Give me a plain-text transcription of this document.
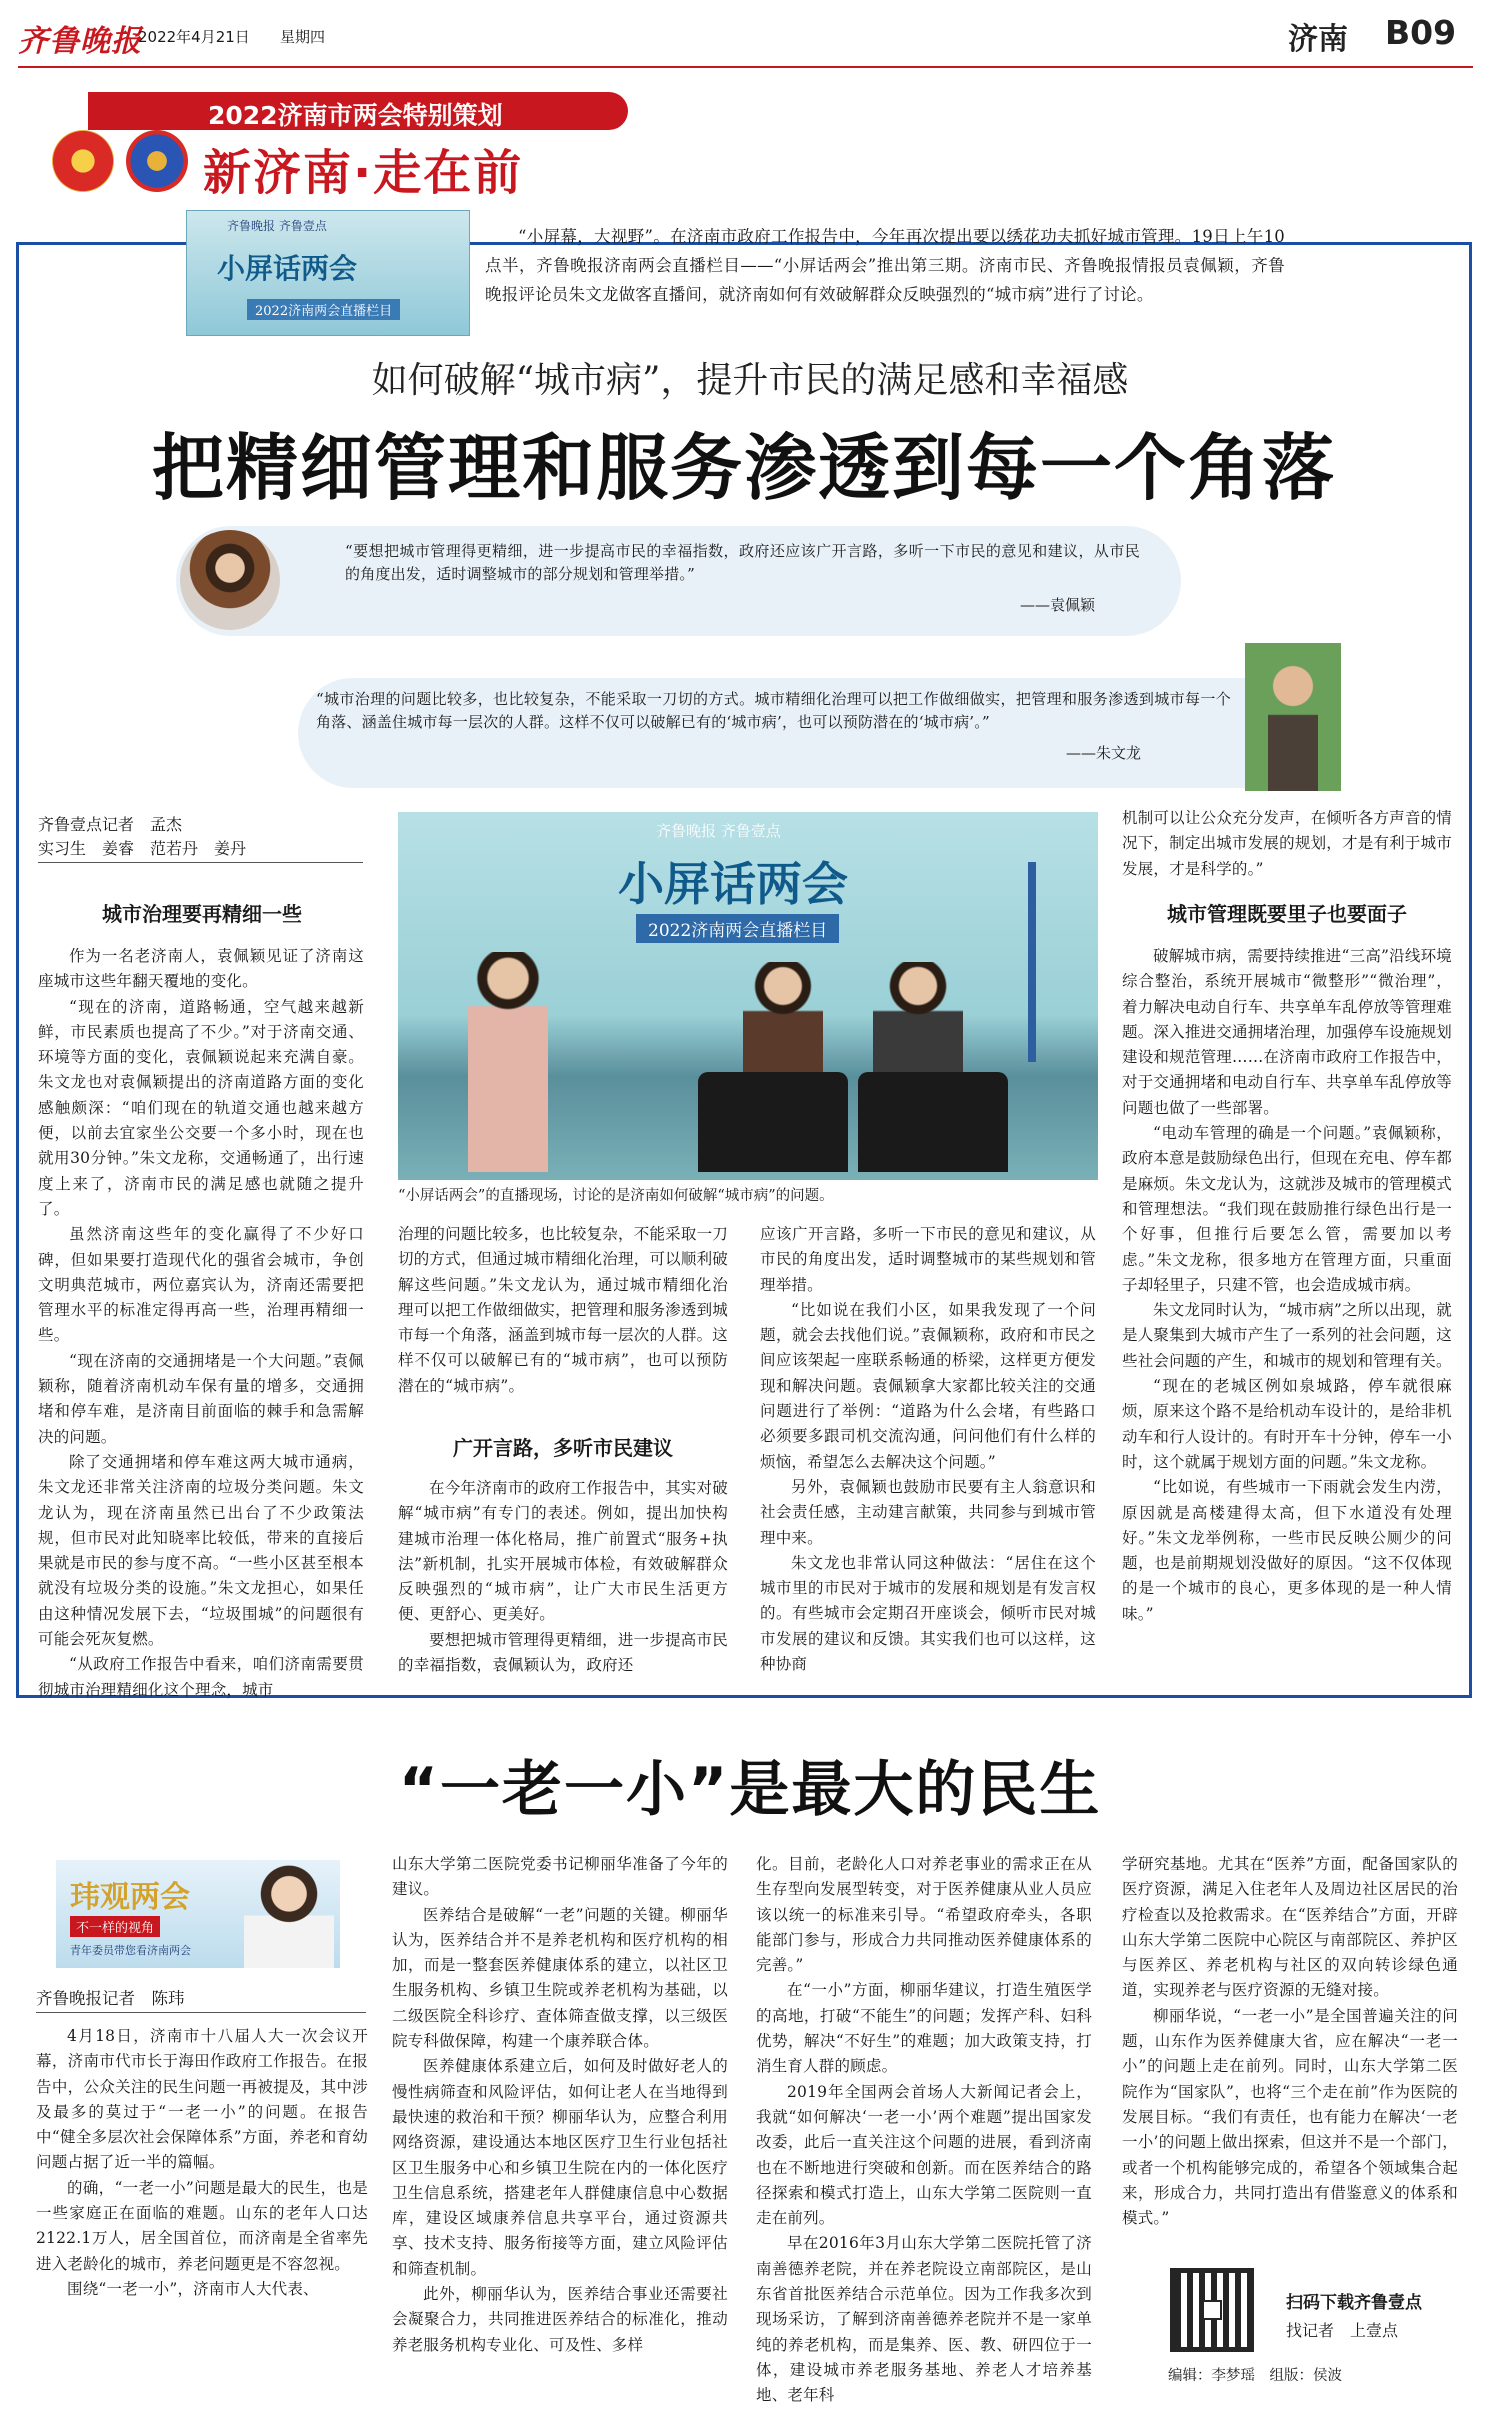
齐鲁晚报
2022年4月21日 星期四	济南 B09
2022济南市两会特别策划
新济南·走在前
齐鲁晚报 齐鲁壹点
小屏话两会
2022济南两会直播栏目
“小屏幕，大视野”。在济南市政府工作报告中，今年再次提出要以绣花功夫抓好城市管理。19日上午10点半，齐鲁晚报济南两会直播栏目——“小屏话两会”推出第三期。济南市民、齐鲁晚报情报员袁佩颖，齐鲁晚报评论员朱文龙做客直播间，就济南如何有效破解群众反映强烈的“城市病”进行了讨论。
如何破解“城市病”，提升市民的满足感和幸福感
把精细管理和服务渗透到每一个角落
“要想把城市管理得更精细，进一步提高市民的幸福指数，政府还应该广开言路，多听一下市民的意见和建议，从市民的角度出发，适时调整城市的部分规划和管理举措。”
——袁佩颖
“城市治理的问题比较多，也比较复杂，不能采取一刀切的方式。城市精细化治理可以把工作做细做实，把管理和服务渗透到城市每一个角落、涵盖住城市每一层次的人群。这样不仅可以破解已有的‘城市病’，也可以预防潜在的‘城市病’。”
——朱文龙
齐鲁壹点记者　孟杰
实习生　姜睿　范若丹　姜丹
齐鲁晚报 齐鲁壹点
小屏话两会
2022济南两会直播栏目
“小屏话两会”的直播现场，讨论的是济南如何破解“城市病”的问题。
城市治理要再精细一些

作为一名老济南人，袁佩颖见证了济南这座城市这些年翻天覆地的变化。

“现在的济南，道路畅通，空气越来越新鲜，市民素质也提高了不少。”对于济南交通、环境等方面的变化，袁佩颖说起来充满自豪。朱文龙也对袁佩颖提出的济南道路方面的变化感触颇深：“咱们现在的轨道交通也越来越方便，以前去宜家坐公交要一个多小时，现在也就用30分钟。”朱文龙称，交通畅通了，出行速度上来了，济南市民的满足感也就随之提升了。

虽然济南这些年的变化赢得了不少好口碑，但如果要打造现代化的强省会城市，争创文明典范城市，两位嘉宾认为，济南还需要把管理水平的标准定得再高一些，治理再精细一些。

“现在济南的交通拥堵是一个大问题。”袁佩颖称，随着济南机动车保有量的增多，交通拥堵和停车难，是济南目前面临的棘手和急需解决的问题。

除了交通拥堵和停车难这两大城市通病，朱文龙还非常关注济南的垃圾分类问题。朱文龙认为，现在济南虽然已出台了不少政策法规，但市民对此知晓率比较低，带来的直接后果就是市民的参与度不高。“一些小区甚至根本就没有垃圾分类的设施。”朱文龙担心，如果任由这种情况发展下去，“垃圾围城”的问题很有可能会死灰复燃。

“从政府工作报告中看来，咱们济南需要贯彻城市治理精细化这个理念，城市

治理的问题比较多，也比较复杂，不能采取一刀切的方式，但通过城市精细化治理，可以顺利破解这些问题。”朱文龙认为，通过城市精细化治理可以把工作做细做实，把管理和服务渗透到城市每一个角落，涵盖到城市每一层次的人群。这样不仅可以破解已有的“城市病”，也可以预防潜在的“城市病”。

广开言路，多听市民建议

在今年济南市的政府工作报告中，其实对破解“城市病”有专门的表述。例如，提出加快构建城市治理一体化格局，推广前置式“服务+执法”新机制，扎实开展城市体检，有效破解群众反映强烈的“城市病”，让广大市民生活更方便、更舒心、更美好。

要想把城市管理得更精细，进一步提高市民的幸福指数，袁佩颖认为，政府还

应该广开言路，多听一下市民的意见和建议，从市民的角度出发，适时调整城市的某些规划和管理举措。

“比如说在我们小区，如果我发现了一个问题，就会去找他们说。”袁佩颖称，政府和市民之间应该架起一座联系畅通的桥梁，这样更方便发现和解决问题。袁佩颖拿大家都比较关注的交通问题进行了举例：“道路为什么会堵，有些路口必须要多跟司机交流沟通，问问他们有什么样的烦恼，希望怎么去解决这个问题。”

另外，袁佩颖也鼓励市民要有主人翁意识和社会责任感，主动建言献策，共同参与到城市管理中来。

朱文龙也非常认同这种做法：“居住在这个城市里的市民对于城市的发展和规划是有发言权的。有些城市会定期召开座谈会，倾听市民对城市发展的建议和反馈。其实我们也可以这样，这种协商

机制可以让公众充分发声，在倾听各方声音的情况下，制定出城市发展的规划，才是有利于城市发展，才是科学的。”

城市管理既要里子也要面子

破解城市病，需要持续推进“三高”沿线环境综合整治，系统开展城市“微整形”“微治理”，着力解决电动自行车、共享单车乱停放等管理难题。深入推进交通拥堵治理，加强停车设施规划建设和规范管理……在济南市政府工作报告中，对于交通拥堵和电动自行车、共享单车乱停放等问题也做了一些部署。

“电动车管理的确是一个问题。”袁佩颖称，政府本意是鼓励绿色出行，但现在充电、停车都是麻烦。朱文龙认为，这就涉及城市的管理模式和管理想法。“我们现在鼓励推行绿色出行是一个好事，但推行后要怎么管，需要加以考虑。”朱文龙称，很多地方在管理方面，只重面子却轻里子，只建不管，也会造成城市病。

朱文龙同时认为，“城市病”之所以出现，就是人聚集到大城市产生了一系列的社会问题，这些社会问题的产生，和城市的规划和管理有关。

“现在的老城区例如泉城路，停车就很麻烦，原来这个路不是给机动车设计的，是给非机动车和行人设计的。有时开车十分钟，停车一小时，这个就属于规划方面的问题。”朱文龙称。

“比如说，有些城市一下雨就会发生内涝，原因就是高楼建得太高，但下水道没有处理好。”朱文龙举例称，一些市民反映公厕少的问题，也是前期规划没做好的原因。“这不仅体现的是一个城市的良心，更多体现的是一种人情味。”

“一老一小”是最大的民生
玮观两会
不一样的视角
青年委员带您看济南两会
齐鲁晚报记者　陈玮

4月18日，济南市十八届人大一次会议开幕，济南市代市长于海田作政府工作报告。在报告中，公众关注的民生问题一再被提及，其中涉及最多的莫过于“一老一小”的问题。在报告中“健全多层次社会保障体系”方面，养老和育幼问题占据了近一半的篇幅。

的确，“一老一小”问题是最大的民生，也是一些家庭正在面临的难题。山东的老年人口达2122.1万人，居全国首位，而济南是全省率先进入老龄化的城市，养老问题更是不容忽视。

围绕“一老一小”，济南市人大代表、

山东大学第二医院党委书记柳丽华准备了今年的建议。

医养结合是破解“一老”问题的关键。柳丽华认为，医养结合并不是养老机构和医疗机构的相加，而是一整套医养健康体系的建立，以社区卫生服务机构、乡镇卫生院或养老机构为基础，以二级医院全科诊疗、查体筛查做支撑，以三级医院专科做保障，构建一个康养联合体。

医养健康体系建立后，如何及时做好老人的慢性病筛查和风险评估，如何让老人在当地得到最快速的救治和干预？柳丽华认为，应整合利用网络资源，建设通达本地区医疗卫生行业包括社区卫生服务中心和乡镇卫生院在内的一体化医疗卫生信息系统，搭建老年人群健康信息中心数据库，建设区域康养信息共享平台，通过资源共享、技术支持、服务衔接等方面，建立风险评估和筛查机制。

此外，柳丽华认为，医养结合事业还需要社会凝聚合力，共同推进医养结合的标准化，推动养老服务机构专业化、可及性、多样

化。目前，老龄化人口对养老事业的需求正在从生存型向发展型转变，对于医养健康从业人员应该以统一的标准来引导。“希望政府牵头，各职能部门参与，形成合力共同推动医养健康体系的完善。”

在“一小”方面，柳丽华建议，打造生殖医学的高地，打破“不能生”的问题；发挥产科、妇科优势，解决“不好生”的难题；加大政策支持，打消生育人群的顾虑。

2019年全国两会首场人大新闻记者会上，我就“如何解决‘一老一小’两个难题”提出国家发改委，此后一直关注这个问题的进展，看到济南也在不断地进行突破和创新。而在医养结合的路径探索和模式打造上，山东大学第二医院则一直走在前列。

早在2016年3月山东大学第二医院托管了济南善德养老院，并在养老院设立南部院区，是山东省首批医养结合示范单位。因为工作我多次到现场采访，了解到济南善德养老院并不是一家单纯的养老机构，而是集养、医、教、研四位于一体，建设城市养老服务基地、养老人才培养基地、老年科

学研究基地。尤其在“医养”方面，配备国家队的医疗资源，满足入住老年人及周边社区居民的治疗检查以及抢救需求。在“医养结合”方面，开辟山东大学第二医院中心院区与南部院区、养护区与医养区、养老机构与社区的双向转诊绿色通道，实现养老与医疗资源的无缝对接。

柳丽华说，“一老一小”是全国普遍关注的问题，山东作为医养健康大省，应在解决“一老一小”的问题上走在前列。同时，山东大学第二医院作为“国家队”，也将“三个走在前”作为医院的发展目标。“我们有责任，也有能力在解决‘一老一小’的问题上做出探索，但这并不是一个部门，或者一个机构能够完成的，希望各个领域集合起来，形成合力，共同打造出有借鉴意义的体系和模式。”

扫码下载齐鲁壹点
找记者　上壹点
编辑：李梦瑶　组版：侯波
